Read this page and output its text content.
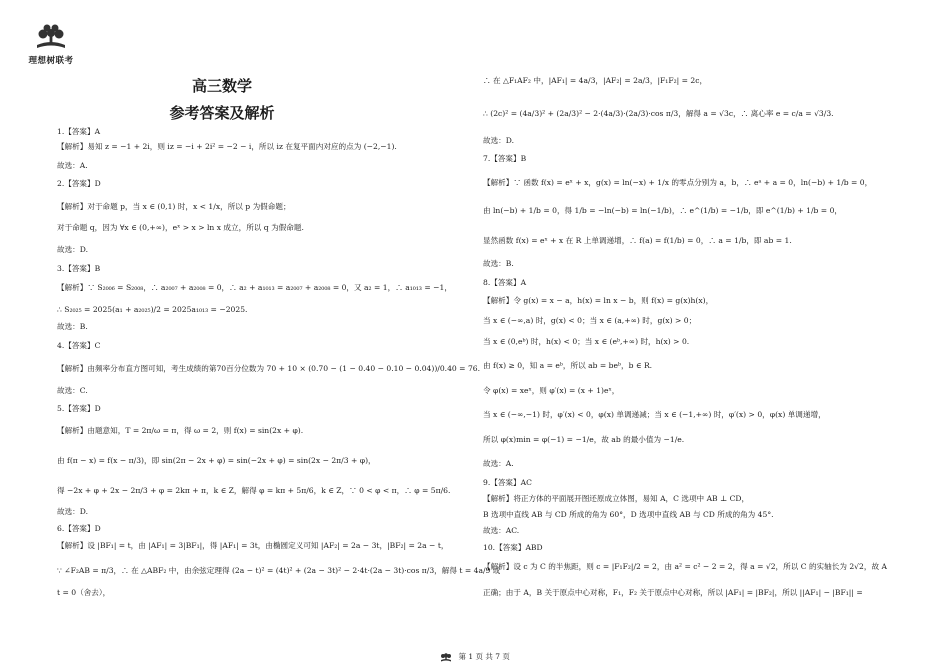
理想树联考
高三数学
参考答案及解析
1.【答案】A
【解析】易知 z = −1 + 2i，则 iz = −i + 2i² = −2 − i，所以 iz 在复平面内对应的点为 (−2,−1).
故选：A.
2.【答案】D
【解析】对于命题 p，当 x ∈ (0,1) 时，x < 1/x，所以 p 为假命题；
对于命题 q，因为 ∀x ∈ (0,+∞)，eˣ > x > ln x 成立，所以 q 为假命题.
故选：D.
3.【答案】B
【解析】∵ S₂₀₀₆ = S₂₀₀₈，∴ a₂₀₀₇ + a₂₀₀₈ = 0，∴ a₂ + a₁₀₁₃ = a₂₀₀₇ + a₂₀₀₈ = 0，又 a₂ = 1，∴ a₁₀₁₃ = −1，
∴ S₂₀₂₅ = 2025(a₁ + a₂₀₂₅)/2 = 2025a₁₀₁₃ = −2025.
故选：B.
4.【答案】C
【解析】由频率分布直方图可知，考生成绩的第70百分位数为 70 + 10 × (0.70 − (1 − 0.40 − 0.10 − 0.04))/0.40 = 76.
故选：C.
5.【答案】D
【解析】由题意知，T = 2π/ω = π，得 ω = 2，则 f(x) = sin(2x + φ).
由 f(π − x) = f(x − π/3)，即 sin(2π − 2x + φ) = sin(−2x + φ) = sin(2x − 2π/3 + φ)，
得 −2x + φ + 2x − 2π/3 + φ = 2kπ + π，k ∈ Z，解得 φ = kπ + 5π/6，k ∈ Z，∵ 0 < φ < π，∴ φ = 5π/6.
故选：D.
6.【答案】D
【解析】设 |BF₁| = t，由 |AF₁| = 3|BF₁|，得 |AF₁| = 3t，由椭圆定义可知 |AF₂| = 2a − 3t，|BF₂| = 2a − t，
∵ ∠F₂AB = π/3，∴ 在 △ABF₂ 中，由余弦定理得 (2a − t)² = (4t)² + (2a − 3t)² − 2·4t·(2a − 3t)·cos π/3，解得 t = 4a/9 或
t = 0（舍去），
∴ 在 △F₁AF₂ 中，|AF₁| = 4a/3，|AF₂| = 2a/3，|F₁F₂| = 2c，
∴ (2c)² = (4a/3)² + (2a/3)² − 2·(4a/3)·(2a/3)·cos π/3，解得 a = √3c，∴ 离心率 e = c/a = √3/3.
故选：D.
7.【答案】B
【解析】∵ 函数 f(x) = eˣ + x，g(x) = ln(−x) + 1/x 的零点分别为 a，b，∴ eᵃ + a = 0，ln(−b) + 1/b = 0，
由 ln(−b) + 1/b = 0，得 1/b = −ln(−b) = ln(−1/b)，∴ e^(1/b) = −1/b，即 e^(1/b) + 1/b = 0，
显然函数 f(x) = eˣ + x 在 R 上单调递增，∴ f(a) = f(1/b) = 0，∴ a = 1/b，即 ab = 1.
故选：B.
8.【答案】A
【解析】令 g(x) = x − a，h(x) = ln x − b，则 f(x) = g(x)h(x)，
当 x ∈ (−∞,a) 时，g(x) < 0；当 x ∈ (a,+∞) 时，g(x) > 0；
当 x ∈ (0,eᵇ) 时，h(x) < 0；当 x ∈ (eᵇ,+∞) 时，h(x) > 0.
由 f(x) ≥ 0，知 a = eᵇ，所以 ab = beᵇ，b ∈ R.
令 φ(x) = xeˣ，则 φ′(x) = (x + 1)eˣ，
当 x ∈ (−∞,−1) 时，φ′(x) < 0，φ(x) 单调递减；当 x ∈ (−1,+∞) 时，φ′(x) > 0，φ(x) 单调递增，
所以 φ(x)min = φ(−1) = −1/e，故 ab 的最小值为 −1/e.
故选：A.
9.【答案】AC
【解析】将正方体的平面展开图还原成立体图，易知 A，C 选项中 AB ⊥ CD，
B 选项中直线 AB 与 CD 所成的角为 60°，D 选项中直线 AB 与 CD 所成的角为 45°.
故选：AC.
10.【答案】ABD
【解析】设 c 为 C 的半焦距，则 c = |F₁F₂|/2 = 2，由 a² = c² − 2 = 2，得 a = √2，所以 C 的实轴长为 2√2，故 A
正确；由于 A，B 关于原点中心对称，F₁，F₂ 关于原点中心对称，所以 |AF₁| = |BF₂|，所以 ||AF₁| − |BF₁|| =
第 1 页 共 7 页
